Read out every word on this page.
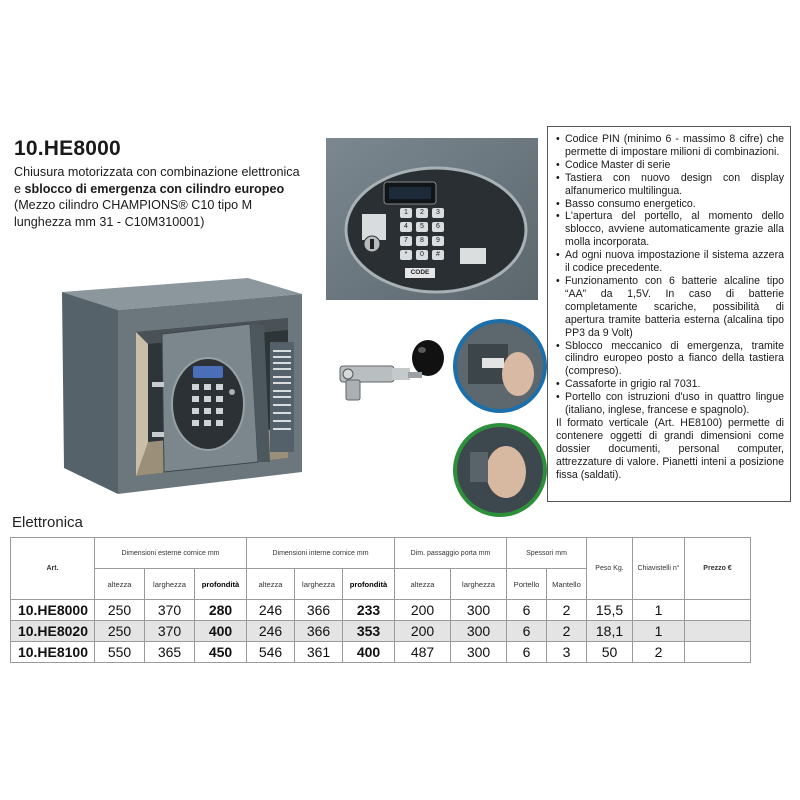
10.HE8000
Chiusura motorizzata con combinazione elettronica
e sblocco di emergenza con cilindro europeo
(Mezzo cilindro CHAMPIONS® C10 tipo M
lunghezza mm 31 - C10M310001)
1	2	3
4	5	6
7	8	9
*	0	#
CODE
• Codice PIN (minimo 6 - massimo 8 cifre) che permette di impostare milioni di combinazioni.
• Codice Master di serie
• Tastiera con nuovo design con display alfanumerico multilingua.
• Basso consumo energetico.
• L'apertura del portello, al momento dello sblocco, avviene automaticamente grazie alla molla incorporata.
• Ad ogni nuova impostazione il sistema azzera il codice precedente.
• Funzionamento con 6 batterie alcaline tipo “AA” da 1,5V. In caso di batterie completamente scariche, possibilità di apertura tramite batteria esterna (alcalina tipo PP3 da 9 Volt)
• Sblocco meccanico di emergenza, tramite cilindro europeo posto a fianco della tastiera (compreso).
• Cassaforte in grigio ral 7031.
• Portello con istruzioni d'uso in quattro lingue (italiano, inglese, francese e spagnolo).
Il formato verticale (Art. HE8100) permette di contenere oggetti di grandi dimensioni come dossier documenti, personal computer, attrezzature di valore. Pianetti inteni a posizione fissa (saldati).
Elettronica
Art.	Dimensioni esterne cornice mm			Dimensioni interne cornice mm			Dim. passaggio porta mm		Spessori mm		Peso Kg.	Chiavistelli n°	Prezzo €
	altezza	larghezza	profondità	altezza	larghezza	profondità	altezza	larghezza	Portello	Mantello			
10.HE8000	250	370	280	246	366	233	200	300	6	2	15,5	1	
10.HE8020	250	370	400	246	366	353	200	300	6	2	18,1	1	
10.HE8100	550	365	450	546	361	400	487	300	6	3	50	2	
